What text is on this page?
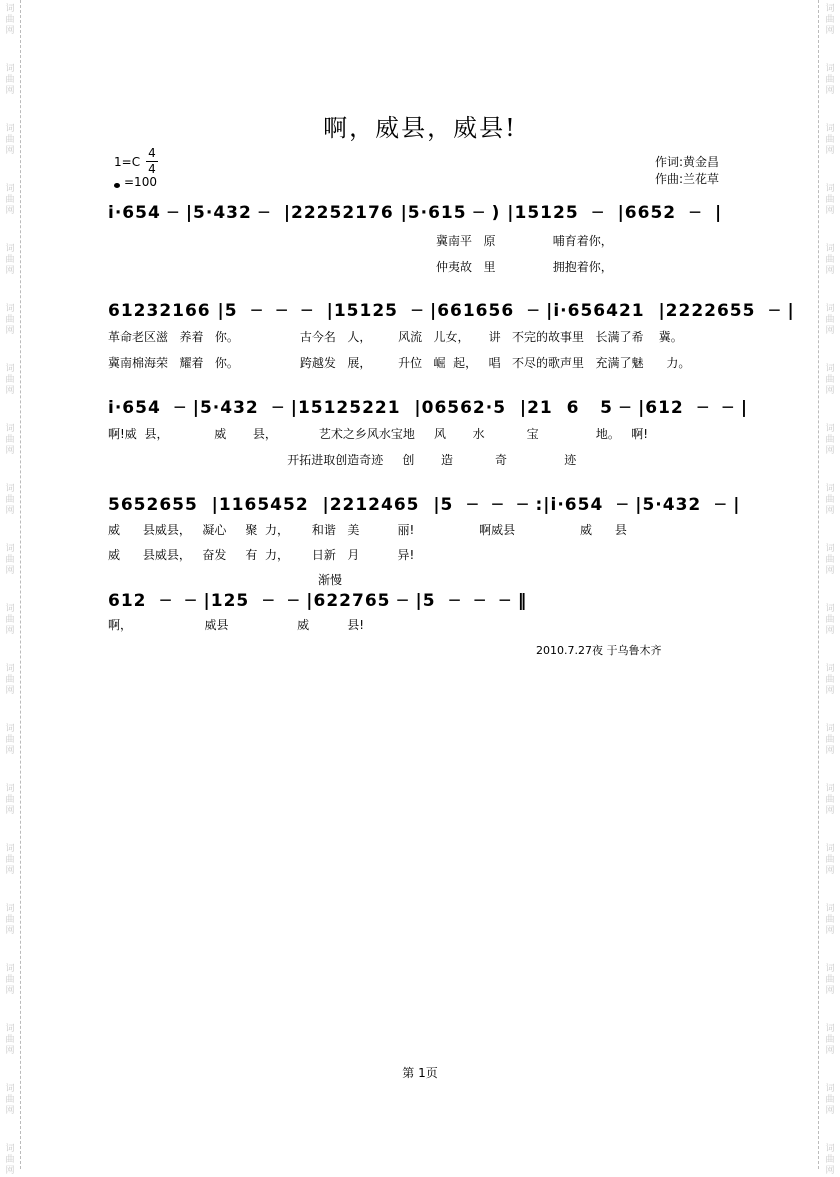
词曲网
词曲网
词曲网
词曲网
词曲网
词曲网
词曲网
词曲网
词曲网
词曲网
词曲网
词曲网
词曲网
词曲网
词曲网
词曲网
词曲网
词曲网
词曲网
词曲网
词曲网
词曲网
词曲网
词曲网
词曲网
词曲网
词曲网
词曲网
词曲网
词曲网
词曲网
词曲网
词曲网
词曲网
词曲网
词曲网
词曲网
词曲网
词曲网
词曲网
啊，威县，威县!
1=C
4
4
=100
作词:黄金昌
作曲:兰花草
i·654 ─ |5·432 ─  |22252176 |5·615 ─ ) |15125  ─  |6652  ─  |
冀南平   原               哺育着你，
仲夷故   里               拥抱着你，
61232166 |5  ─  ─  ─  |15125  ─ |661656  ─ |i·656421  |2222655  ─ |
革命老区滋   养着   你。                古今名   人，       风流   儿女，     讲   不完的故事里   长满了希    冀。
冀南棉海荣   耀着   你。                跨越发   展，       升位   崛  起，   唱   不尽的歌声里   充满了魅      力。
i·654  ─ |5·432  ─ |15125221  |06562·5  |21  6   5 ─ |612  ─  ─ |
啊!威  县，            威       县，           艺术之乡风水宝地     风       水           宝               地。   啊!
开拓进取创造奇迹     创       造           奇               迹
5652655  |1165452  |2212465  |5  ─  ─  ─ :|i·654  ─ |5·432  ─ |
威      县威县，   凝心     聚  力，      和谐   美          丽!                 啊威县                 威      县
威      县威县，   奋发     有  力，      日新   月          异!
渐慢
612  ─  ─ |125  ─  ─ |622765 ─ |5  ─  ─  ─ ‖
啊，                   威县                  威          县!
2010.7.27夜 于乌鲁木齐
第 1页
